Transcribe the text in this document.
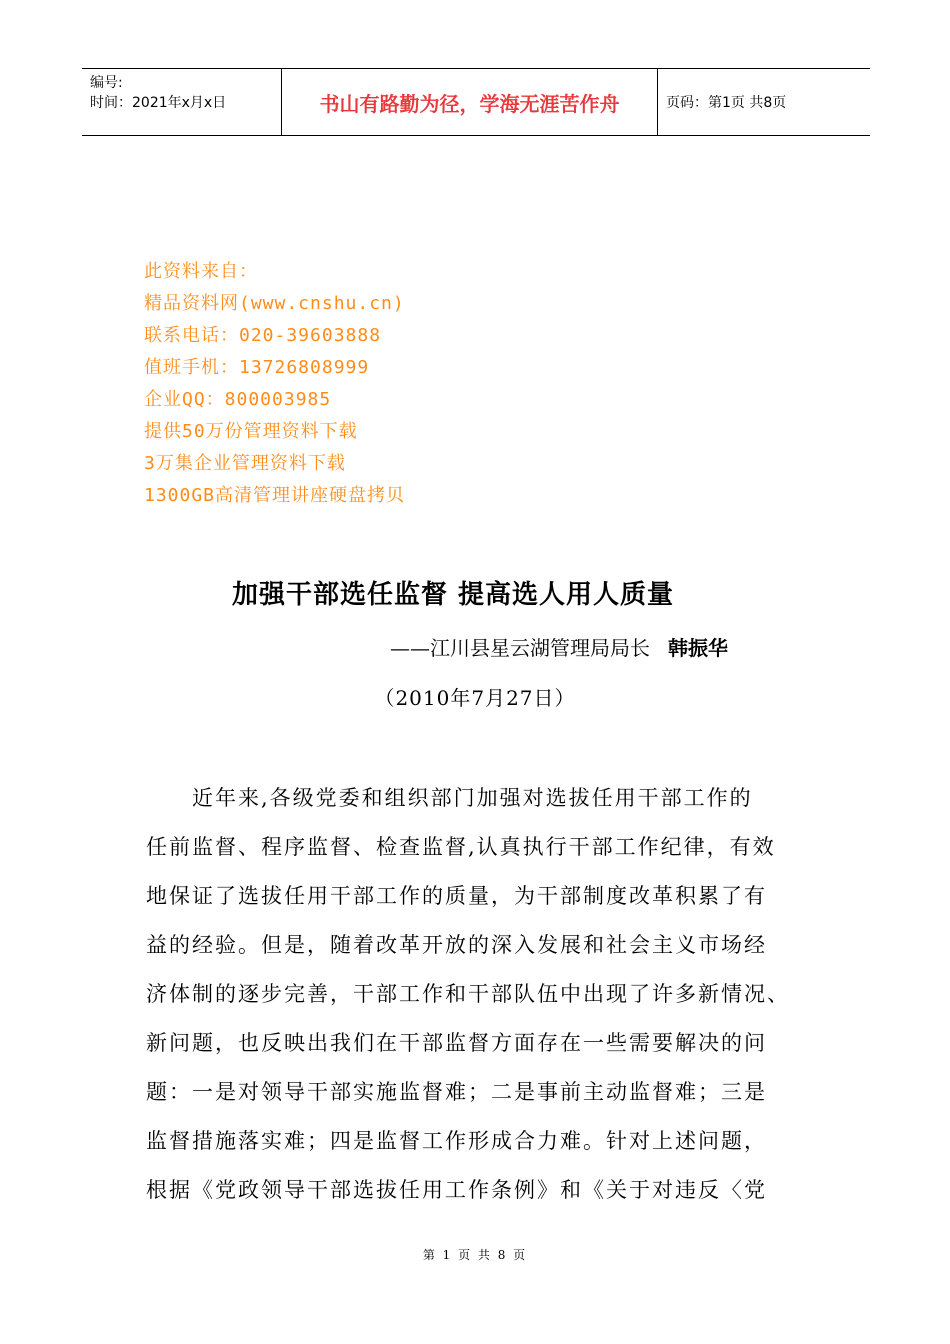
编号:
时间：2021年x月x日	书山有路勤为径，学海无涯苦作舟	页码：第1页 共8页
此资料来自：
精品资料网(www.cnshu.cn)
联系电话：020-39603888
值班手机：13726808999
企业QQ：800003985
提供50万份管理资料下载
3万集企业管理资料下载
1300GB高清管理讲座硬盘拷贝
加强干部选任监督 提高选人用人质量
——江川县星云湖管理局局长 韩振华
（2010年7月27日）
　　近年来,各级党委和组织部门加强对选拔任用干部工作的
任前监督、程序监督、检查监督,认真执行干部工作纪律，有效
地保证了选拔任用干部工作的质量，为干部制度改革积累了有
益的经验。但是，随着改革开放的深入发展和社会主义市场经
济体制的逐步完善，干部工作和干部队伍中出现了许多新情况、
新问题，也反映出我们在干部监督方面存在一些需要解决的问
题：一是对领导干部实施监督难；二是事前主动监督难；三是
监督措施落实难；四是监督工作形成合力难。针对上述问题，
根据《党政领导干部选拔任用工作条例》和《关于对违反〈党
第 1 页 共 8 页
